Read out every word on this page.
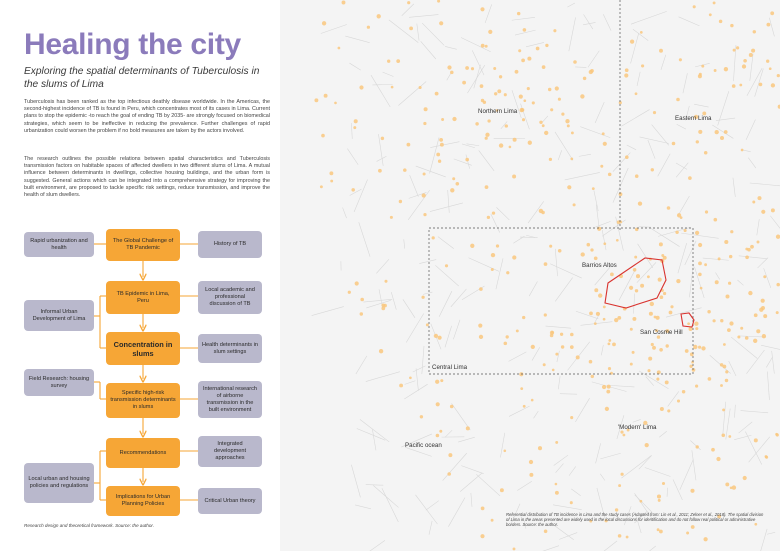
Northern Lima
Eastern Lima
Barrios Altos
San Cosme Hill
Central Lima
Pacific ocean
'Modern' Lima
Referential distribution of TB incidence in Lima and the study cases (Adapted from: Lin et al., 2011; Zelner et al., 2018). The spatial division of Lima in the areas presented are widely used in the local discussions for identification and do not follow real political or administrative borders. Source: the author.
Healing the city
Exploring the spatial determinants of Tuberculosis in the slums of Lima

Tuberculosis has been ranked as the top infectious deathly disease worldwide. In the Americas, the second-highest incidence of TB is found in Peru, which concentrates most of its cases in Lima. Current plans to stop the epidemic -to reach the goal of ending TB by 2035- are strongly focused on biomedical strategies, which seem to be ineffective in reducing the prevalence. Further challenges of rapid urbanization could worsen the problem if no bold measures are taken by the actors involved.

The research outlines the possible relations between spatial characteristics and Tuberculosis transmission factors on habitable spaces of affected dwellers in two different slums of Lima. A mutual influence between determinants in dwellings, collective housing buildings, and the urban form is suggested. General actions which can be integrated into a comprehensive strategy for improving the built environment, are proposed to tackle specific risk settings, reduce transmission, and improve the health of slum dwellers.

Rapid urbanization and health
Informal Urban Development of Lima
Field Research: housing survey
Local urban and housing policies and regulations
The Global Challenge of TB Pandemic
TB Epidemic in Lima, Peru
Concentration in slums
Specific high-risk transmission determinants in slums
Recommendations
Implications for Urban Planning Policies
History of TB
Local academic and professional discussion of TB
Health determinants in slum settings
International research of airborne transmission in the built environment
Integrated development approaches
Critical Urban theory
Research design and theoretical framework. Source: the author.
